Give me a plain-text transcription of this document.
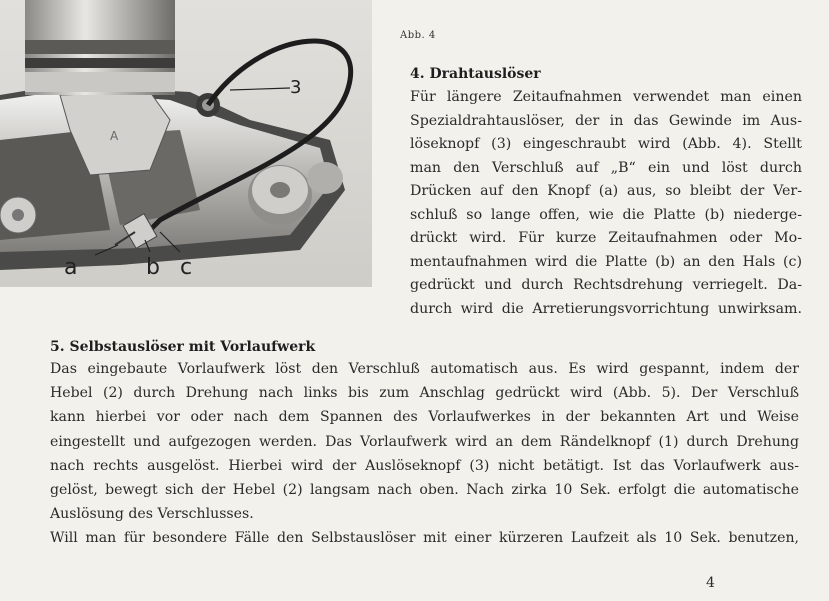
A
3
a	b c
Abb. 4
4. Drahtauslöser

Für längere Zeitaufnahmen verwendet man einen
Spezialdrahtauslöser, der in das Gewinde im Aus-
löseknopf (3) eingeschraubt wird (Abb. 4). Stellt
man den Verschluß auf „B“ ein und löst durch
Drücken auf den Knopf (a) aus, so bleibt der Ver-
schluß so lange offen, wie die Platte (b) niederge-
drückt wird. Für kurze Zeitaufnahmen oder Mo-
mentaufnahmen wird die Platte (b) an den Hals (c)
gedrückt und durch Rechtsdrehung verriegelt. Da-
durch wird die Arretierungsvorrichtung unwirksam.

5. Selbstauslöser mit Vorlaufwerk

Das eingebaute Vorlaufwerk löst den Verschluß automatisch aus. Es wird gespannt, indem der
Hebel (2) durch Drehung nach links bis zum Anschlag gedrückt wird (Abb. 5). Der Verschluß
kann hierbei vor oder nach dem Spannen des Vorlaufwerkes in der bekannten Art und Weise
eingestellt und aufgezogen werden. Das Vorlaufwerk wird an dem Rändelknopf (1) durch Drehung
nach rechts ausgelöst. Hierbei wird der Auslöseknopf (3) nicht betätigt. Ist das Vorlaufwerk aus-
gelöst, bewegt sich der Hebel (2) langsam nach oben. Nach zirka 10 Sek. erfolgt die automatische
Auslösung des Verschlusses.
Will man für besondere Fälle den Selbstauslöser mit einer kürzeren Laufzeit als 10 Sek. benutzen,

4
